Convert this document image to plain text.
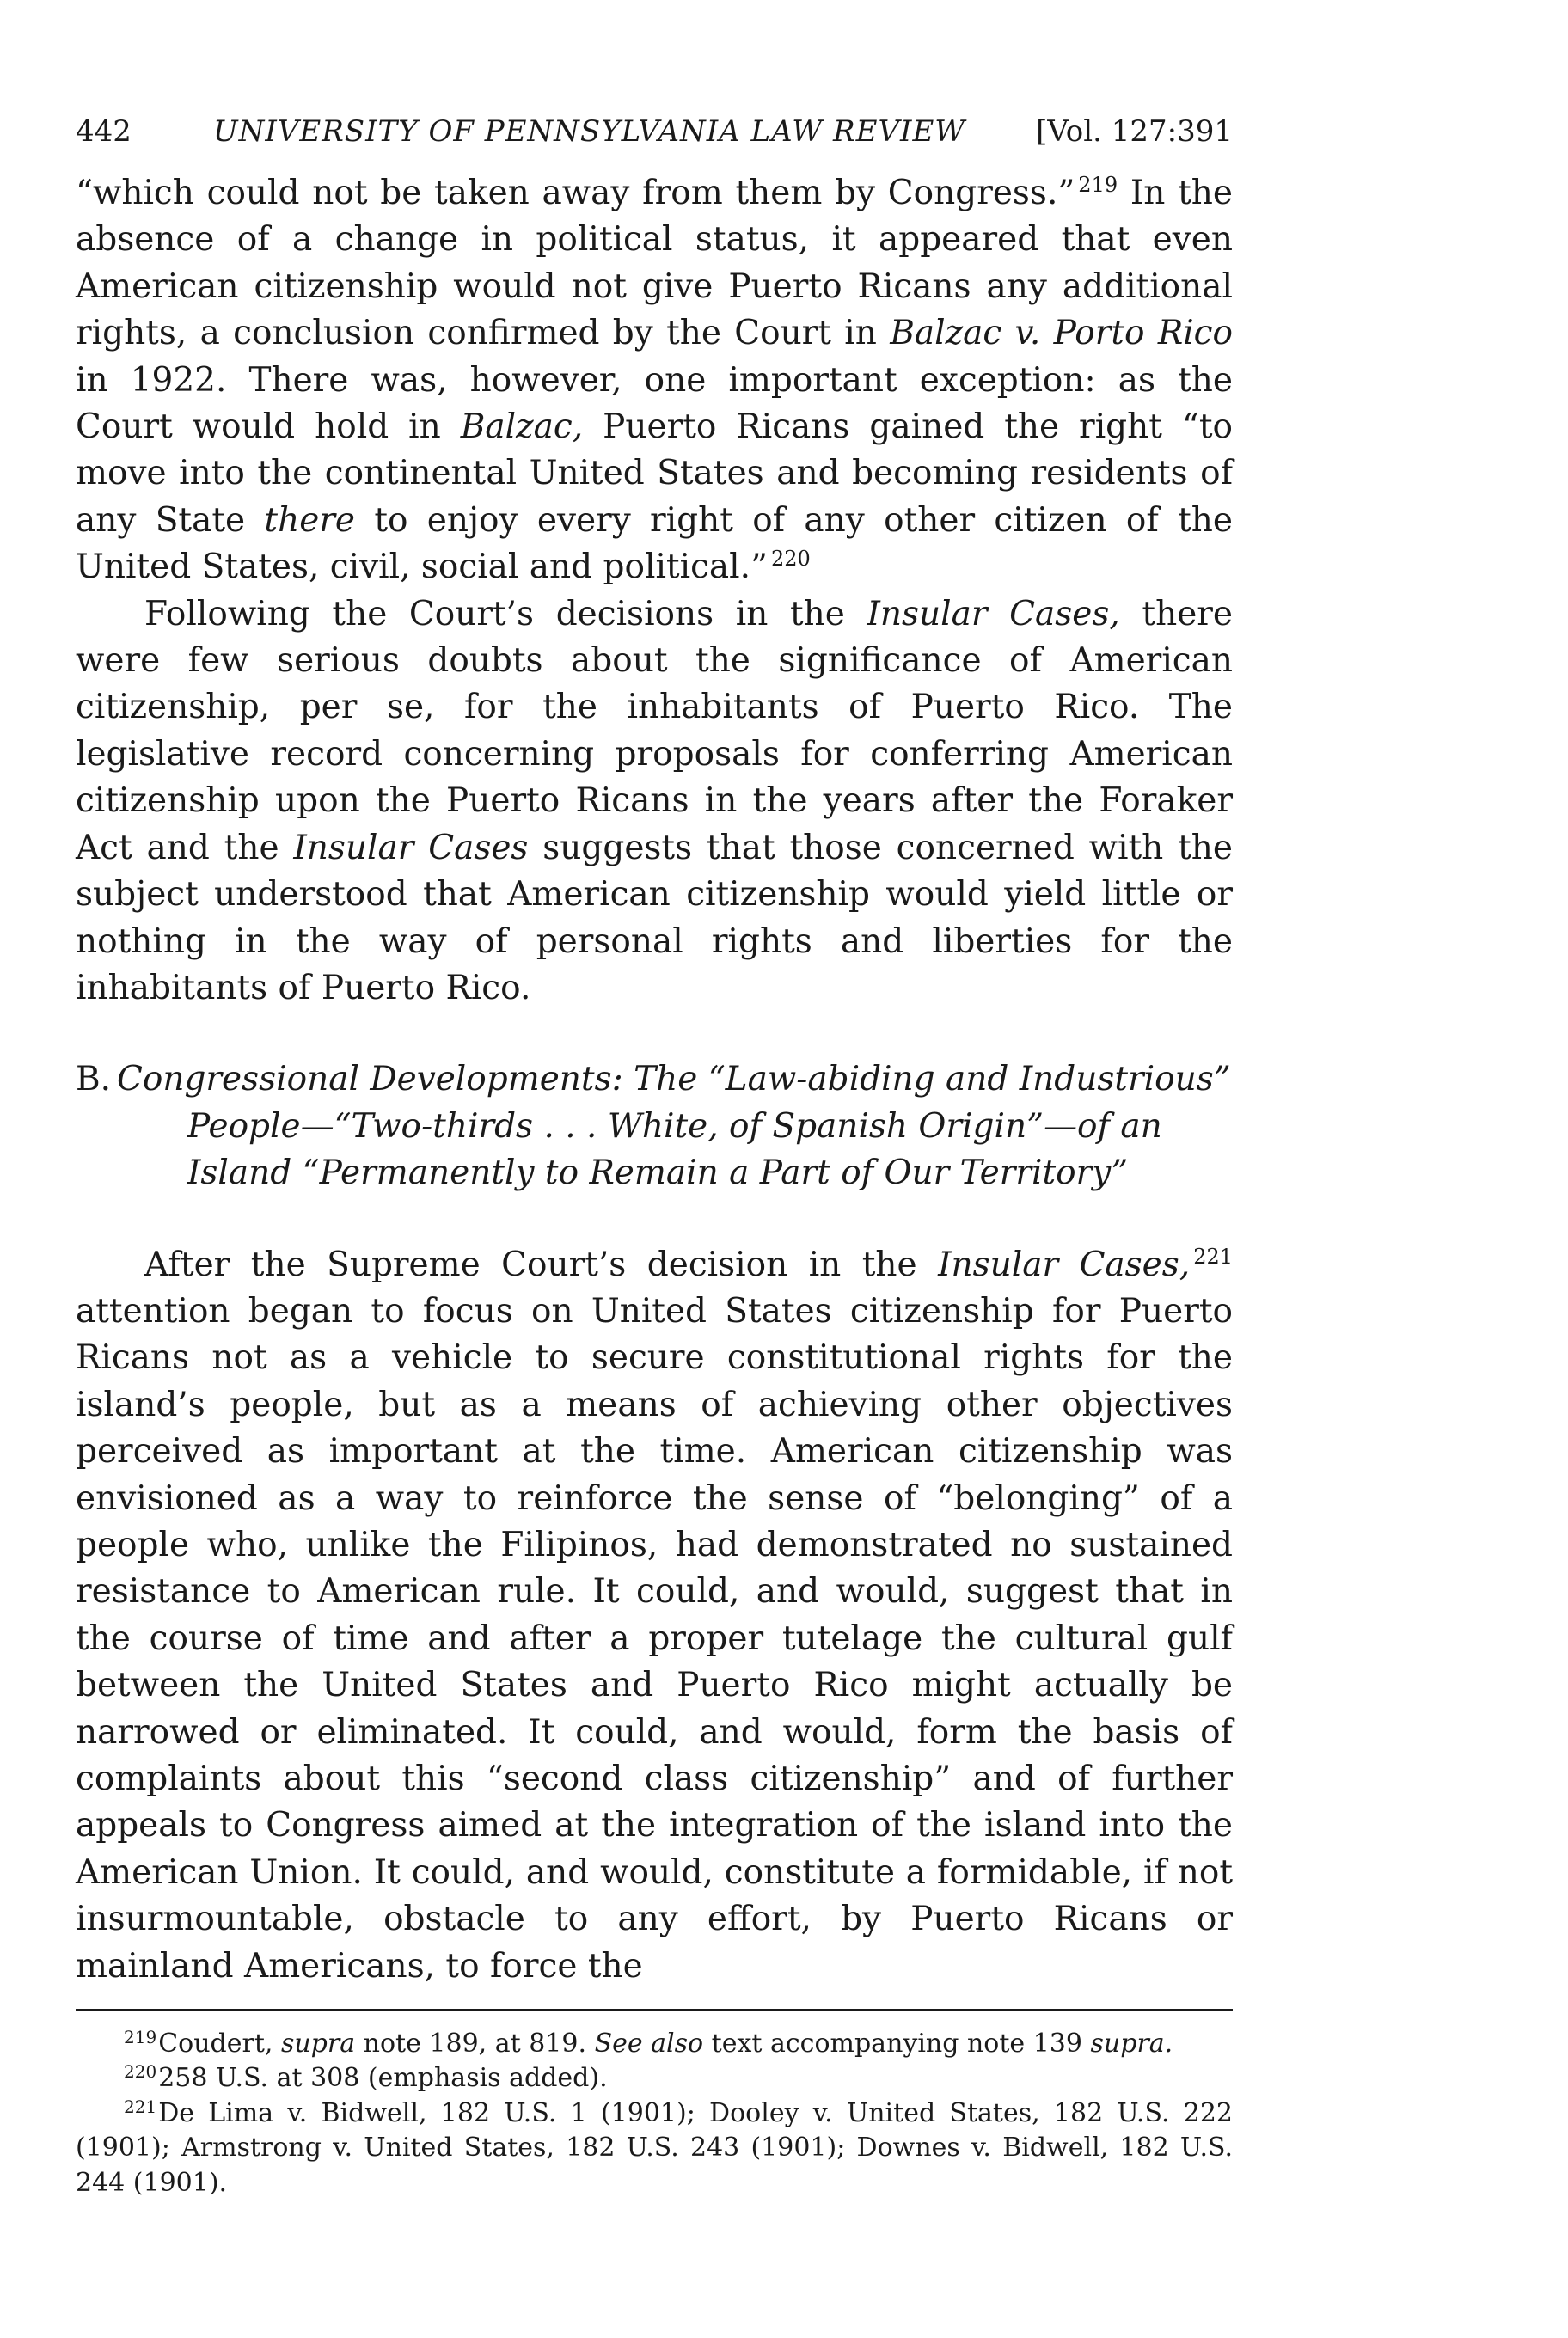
442	UNIVERSITY OF PENNSYLVANIA LAW REVIEW [Vol. 127:391

“which could not be taken away from them by Congress.” $^{219}$ In the absence of a change in political status, it appeared that even American citizenship would not give Puerto Ricans any additional rights, a conclusion confirmed by the Court in Balzac v. Porto Rico in 1922. There was, however, one important exception: as the Court would hold in Balzac, Puerto Ricans gained the right “to move into the continental United States and becoming residents of any State there to enjoy every right of any other citizen of the United States, civil, social and political.” $^{220}$

Following the Court’s decisions in the Insular Cases, there were few serious doubts about the significance of American citizenship, per se, for the inhabitants of Puerto Rico. The legislative record concerning proposals for conferring American citizenship upon the Puerto Ricans in the years after the Foraker Act and the Insular Cases suggests that those concerned with the subject understood that American citizenship would yield little or nothing in the way of personal rights and liberties for the inhabitants of Puerto Rico.

B. Congressional Developments: The “Law-abiding and Industrious” People—“Two-thirds . . . White, of Spanish Origin”—of an Island “Permanently to Remain a Part of Our Territory”

After the Supreme Court’s decision in the Insular Cases, $^{221}$ attention began to focus on United States citizenship for Puerto Ricans not as a vehicle to secure constitutional rights for the island’s people, but as a means of achieving other objectives perceived as important at the time. American citizenship was envisioned as a way to reinforce the sense of “belonging” of a people who, unlike the Filipinos, had demonstrated no sustained resistance to American rule. It could, and would, suggest that in the course of time and after a proper tutelage the cultural gulf between the United States and Puerto Rico might actually be narrowed or eliminated. It could, and would, form the basis of complaints about this “second class citizenship” and of further appeals to Congress aimed at the integration of the island into the American Union. It could, and would, constitute a formidable, if not insurmountable, obstacle to any effort, by Puerto Ricans or mainland Americans, to force the

$^{219}$Coudert, supra note 189, at 819. See also text accompanying note 139 supra.

$^{220}$258 U.S. at 308 (emphasis added).

$^{221}$De Lima v. Bidwell, 182 U.S. 1 (1901); Dooley v. United States, 182 U.S. 222 (1901); Armstrong v. United States, 182 U.S. 243 (1901); Downes v. Bidwell, 182 U.S. 244 (1901).
